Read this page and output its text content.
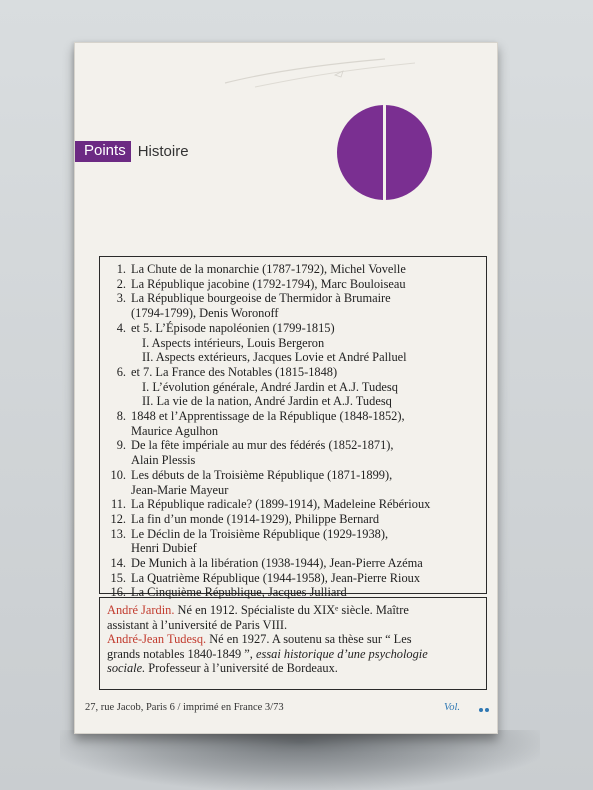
Points Histoire
1. La Chute de la monarchie (1787-1792), Michel Vovelle
2. La République jacobine (1792-1794), Marc Bouloiseau
3. La République bourgeoise de Thermidor à Brumaire
(1794-1799), Denis Woronoff
4. et 5. L’Épisode napoléonien (1799-1815)
I. Aspects intérieurs, Louis Bergeron
II. Aspects extérieurs, Jacques Lovie et André Palluel
6. et 7. La France des Notables (1815-1848)
I. L’évolution générale, André Jardin et A.J. Tudesq
II. La vie de la nation, André Jardin et A.J. Tudesq
8. 1848 et l’Apprentissage de la République (1848-1852),
Maurice Agulhon
9. De la fête impériale au mur des fédérés (1852-1871),
Alain Plessis
10. Les débuts de la Troisième République (1871-1899),
Jean-Marie Mayeur
11. La République radicale? (1899-1914), Madeleine Rébérioux
12. La fin d’un monde (1914-1929), Philippe Bernard
13. Le Déclin de la Troisième République (1929-1938),
Henri Dubief
14. De Munich à la libération (1938-1944), Jean-Pierre Azéma
15. La Quatrième République (1944-1958), Jean-Pierre Rioux
16. La Cinquième République, Jacques Julliard
André Jardin. Né en 1912. Spécialiste du XIXᵉ siècle. Maître
assistant à l’université de Paris VIII.
André-Jean Tudesq. Né en 1927. A soutenu sa thèse sur “ Les
grands notables 1840-1849 ”, essai historique d’une psychologie
sociale. Professeur à l’université de Bordeaux.
27, rue Jacob, Paris 6 / imprimé en France 3/73	Vol.
